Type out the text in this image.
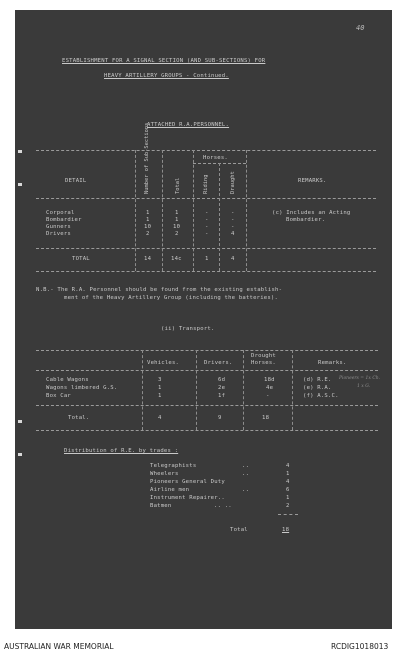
40
ESTABLISHMENT FOR A SIGNAL SECTION (AND SUB-SECTIONS) FOR
HEAVY ARTILLERY GROUPS - Continued.
ATTACHED R.A.PERSONNEL.
DETAIL	Number of Sub-Sections	Total
Horses.
Riding	Draught	REMARKS.
Corporal	1	1	-	-
Bombardier	1	1	-	-
Gunners	10	10	-	-
Drivers	2	2	-	4
(c) Includes an Acting
Bombardier.
TOTAL	14	14c	1	4
N.B.- The R.A. Personnel should be found from the existing establish-
ment of the Heavy Artillery Group (including the batteries).
(ii) Transport.
Vehicles.	Drivers.
Drought
Horses.	Remarks.
Cable Wagons	3	6d	18d	(d) R.E.
Wagons limbered G.S.	1	2e	4e	(e) R.A.
Box Car	1	1f	-	(f) A.S.C.
Pioneers = 1x Ch.
1 x G.
Total.	4	9	18
Distribution of R.E. by trades :
Telegraphists	..	4
Wheelers	..	1
Pioneers General Duty	4
Airline men	..	6
Instrument Repairer..	1
Batmen	.. ..	2
Total	18
AUSTRALIAN WAR MEMORIAL	RCDIG1018013
